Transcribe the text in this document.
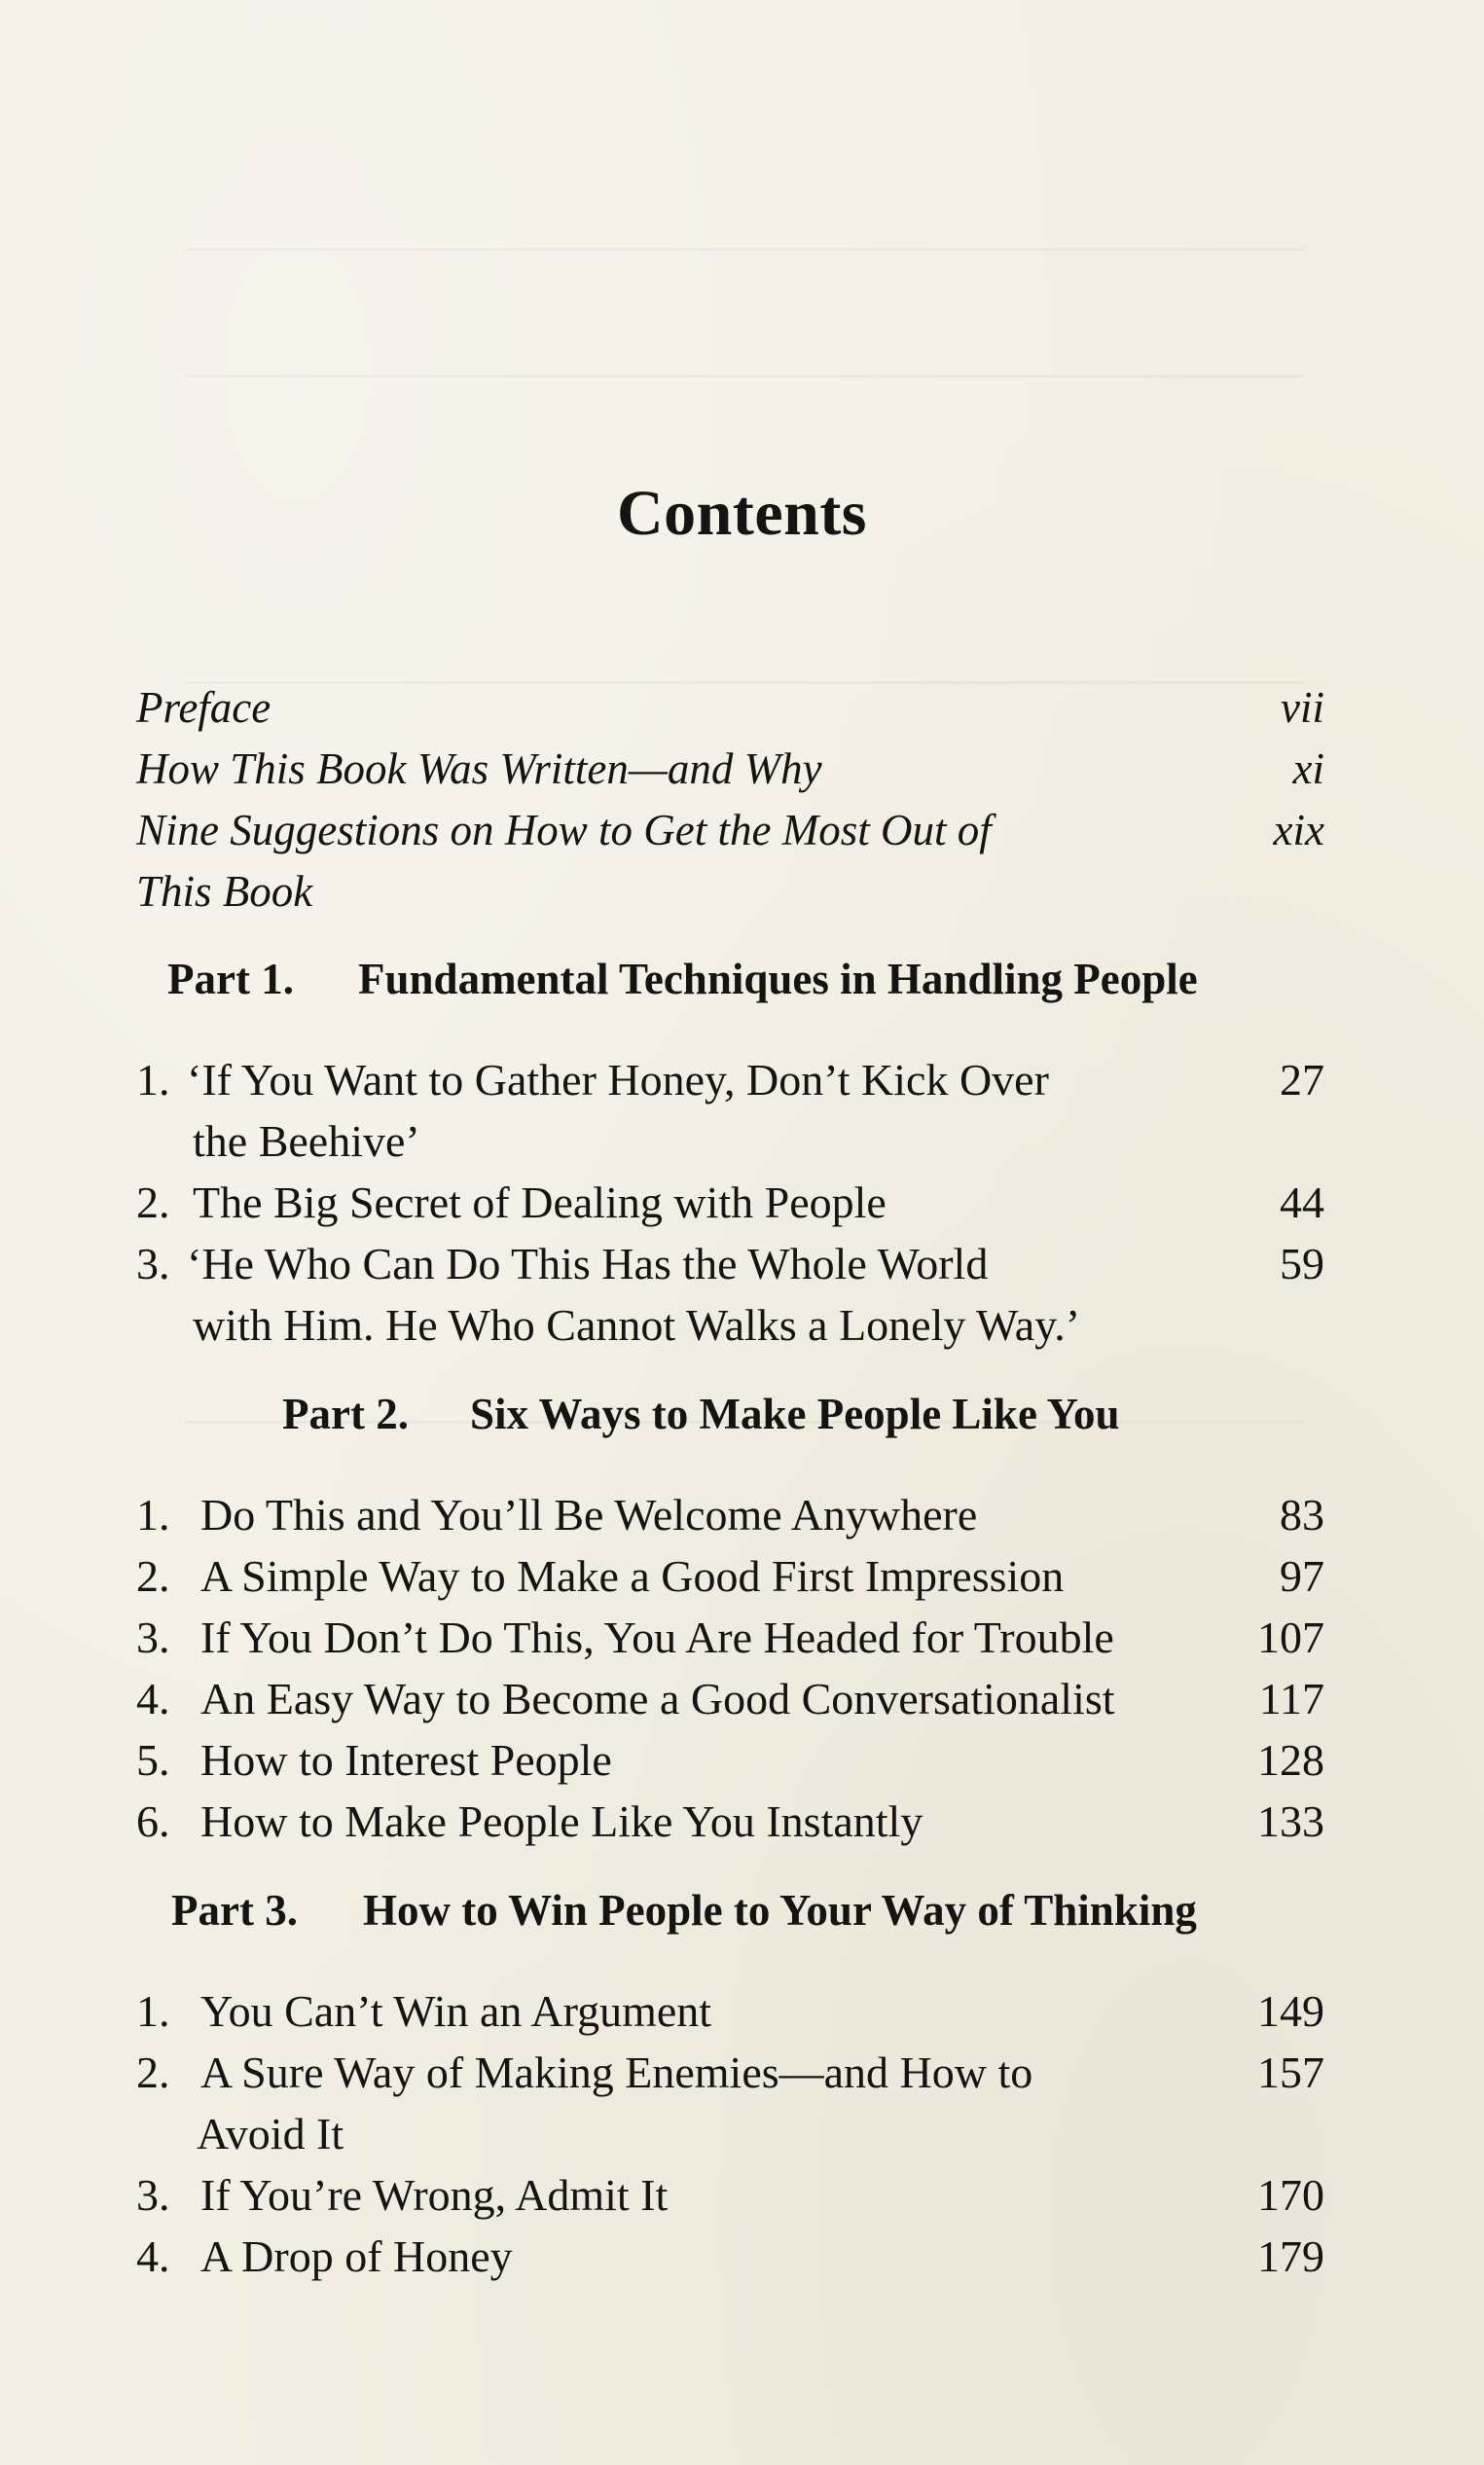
Contents
Preface	vii
How This Book Was Written—and Why	xi
Nine Suggestions on How to Get the Most Out of	xix
This Book
Part 1. Fundamental Techniques in Handling People
1. ‘If You Want to Gather Honey, Don’t Kick Over	27
the Beehive’
2. The Big Secret of Dealing with People	44
3. ‘He Who Can Do This Has the Whole World	59
with Him. He Who Cannot Walks a Lonely Way.’
Part 2. Six Ways to Make People Like You
1. Do This and You’ll Be Welcome Anywhere	83
2. A Simple Way to Make a Good First Impression	97
3. If You Don’t Do This, You Are Headed for Trouble	107
4. An Easy Way to Become a Good Conversationalist	117
5. How to Interest People	128
6. How to Make People Like You Instantly	133
Part 3. How to Win People to Your Way of Thinking
1. You Can’t Win an Argument	149
2. A Sure Way of Making Enemies—and How to	157
Avoid It
3. If You’re Wrong, Admit It	170
4. A Drop of Honey	179
